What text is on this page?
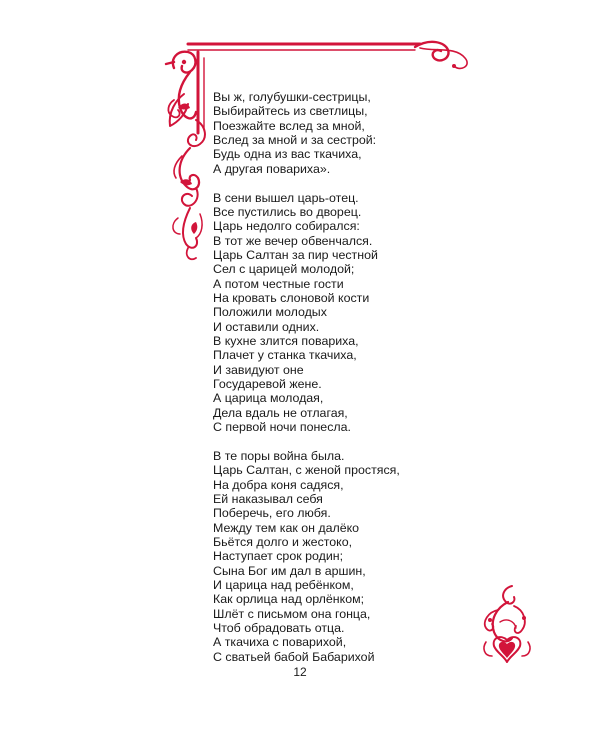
Вы ж, голубушки-сестрицы,
Выбирайтесь из светлицы,
Поезжайте вслед за мной,
Вслед за мной и за сестрой:
Будь одна из вас ткачиха,
А другая повариха».
В сени вышел царь-отец.
Все пустились во дворец.
Царь недолго собирался:
В тот же вечер обвенчался.
Царь Салтан за пир честной
Сел с царицей молодой;
А потом честные гости
На кровать слоновой кости
Положили молодых
И оставили одних.
В кухне злится повариха,
Плачет у станка ткачиха,
И завидуют оне
Государевой жене.
А царица молодая,
Дела вдаль не отлагая,
С первой ночи понесла.
В те поры война была.
Царь Салтан, с женой простяся,
На добра коня садяся,
Ей наказывал себя
Поберечь, его любя.
Между тем как он далёко
Бьётся долго и жестоко,
Наступает срок родин;
Сына Бог им дал в аршин,
И царица над ребёнком,
Как орлица над орлёнком;
Шлёт с письмом она гонца,
Чтоб обрадовать отца.
А ткачиха с поварихой,
С сватьей бабой Бабарихой
12
